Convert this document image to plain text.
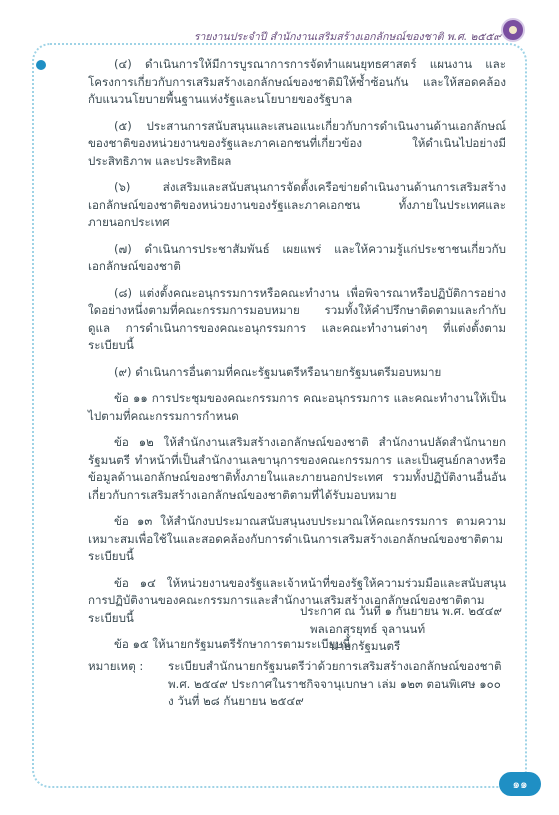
รายงานประจำปี สำนักงานเสริมสร้างเอกลักษณ์ของชาติ พ.ศ. ๒๕๕๙

(๔) ดำเนินการให้มีการบูรณาการการจัดทำแผนยุทธศาสตร์ แผนงาน และโครงการเกี่ยวกับการเสริมสร้างเอกลักษณ์ของชาติมิให้ซ้ำซ้อนกัน และให้สอดคล้องกับแนวนโยบายพื้นฐานแห่งรัฐและนโยบายของรัฐบาล

(๕) ประสานการสนับสนุนและเสนอแนะเกี่ยวกับการดำเนินงานด้านเอกลักษณ์ของชาติของหน่วยงานของรัฐและภาคเอกชนที่เกี่ยวข้อง ให้ดำเนินไปอย่างมีประสิทธิภาพ และประสิทธิผล

(๖) ส่งเสริมและสนับสนุนการจัดตั้งเครือข่ายดำเนินงานด้านการเสริมสร้างเอกลักษณ์ของชาติของหน่วยงานของรัฐและภาคเอกชน ทั้งภายในประเทศและภายนอกประเทศ

(๗) ดำเนินการประชาสัมพันธ์ เผยแพร่ และให้ความรู้แก่ประชาชนเกี่ยวกับเอกลักษณ์ของชาติ

(๘) แต่งตั้งคณะอนุกรรมการหรือคณะทำงาน เพื่อพิจารณาหรือปฏิบัติการอย่างใดอย่างหนึ่งตามที่คณะกรรมการมอบหมาย รวมทั้งให้คำปรึกษาติดตามและกำกับดูแล การดำเนินการของคณะอนุกรรมการ และคณะทำงานต่างๆ ที่แต่งตั้งตามระเบียบนี้

(๙) ดำเนินการอื่นตามที่คณะรัฐมนตรีหรือนายกรัฐมนตรีมอบหมาย

ข้อ ๑๑ การประชุมของคณะกรรมการ คณะอนุกรรมการ และคณะทำงานให้เป็นไปตามที่คณะกรรมการกำหนด

ข้อ ๑๒ ให้สำนักงานเสริมสร้างเอกลักษณ์ของชาติ สำนักงานปลัดสำนักนายกรัฐมนตรี ทำหน้าที่เป็นสำนักงานเลขานุการของคณะกรรมการ และเป็นศูนย์กลางหรือข้อมูลด้านเอกลักษณ์ของชาติทั้งภายในและภายนอกประเทศ รวมทั้งปฏิบัติงานอื่นอันเกี่ยวกับการเสริมสร้างเอกลักษณ์ของชาติตามที่ได้รับมอบหมาย

ข้อ ๑๓ ให้สำนักงบประมาณสนับสนุนงบประมาณให้คณะกรรมการ ตามความเหมาะสมเพื่อใช้ในและสอดคล้องกับการดำเนินการเสริมสร้างเอกลักษณ์ของชาติตามระเบียบนี้

ข้อ ๑๔ ให้หน่วยงานของรัฐและเจ้าหน้าที่ของรัฐให้ความร่วมมือและสนับสนุนการปฏิบัติงานของคณะกรรมการและสำนักงานเสริมสร้างเอกลักษณ์ของชาติตามระเบียบนี้

ข้อ ๑๕ ให้นายกรัฐมนตรีรักษาการตามระเบียบนี้

ประกาศ ณ วันที่ ๑ กันยายน พ.ศ. ๒๕๔๙
พลเอกสุรยุทธ์ จุลานนท์
นายกรัฐมนตรี
หมายเหตุ :	ระเบียบสำนักนายกรัฐมนตรีว่าด้วยการเสริมสร้างเอกลักษณ์ของชาติ พ.ศ. ๒๕๔๙ ประกาศในราชกิจจานุเบกษา เล่ม ๑๒๓ ตอนพิเศษ ๑๐๐ ง วันที่ ๒๘ กันยายน ๒๕๔๙
๑๑
